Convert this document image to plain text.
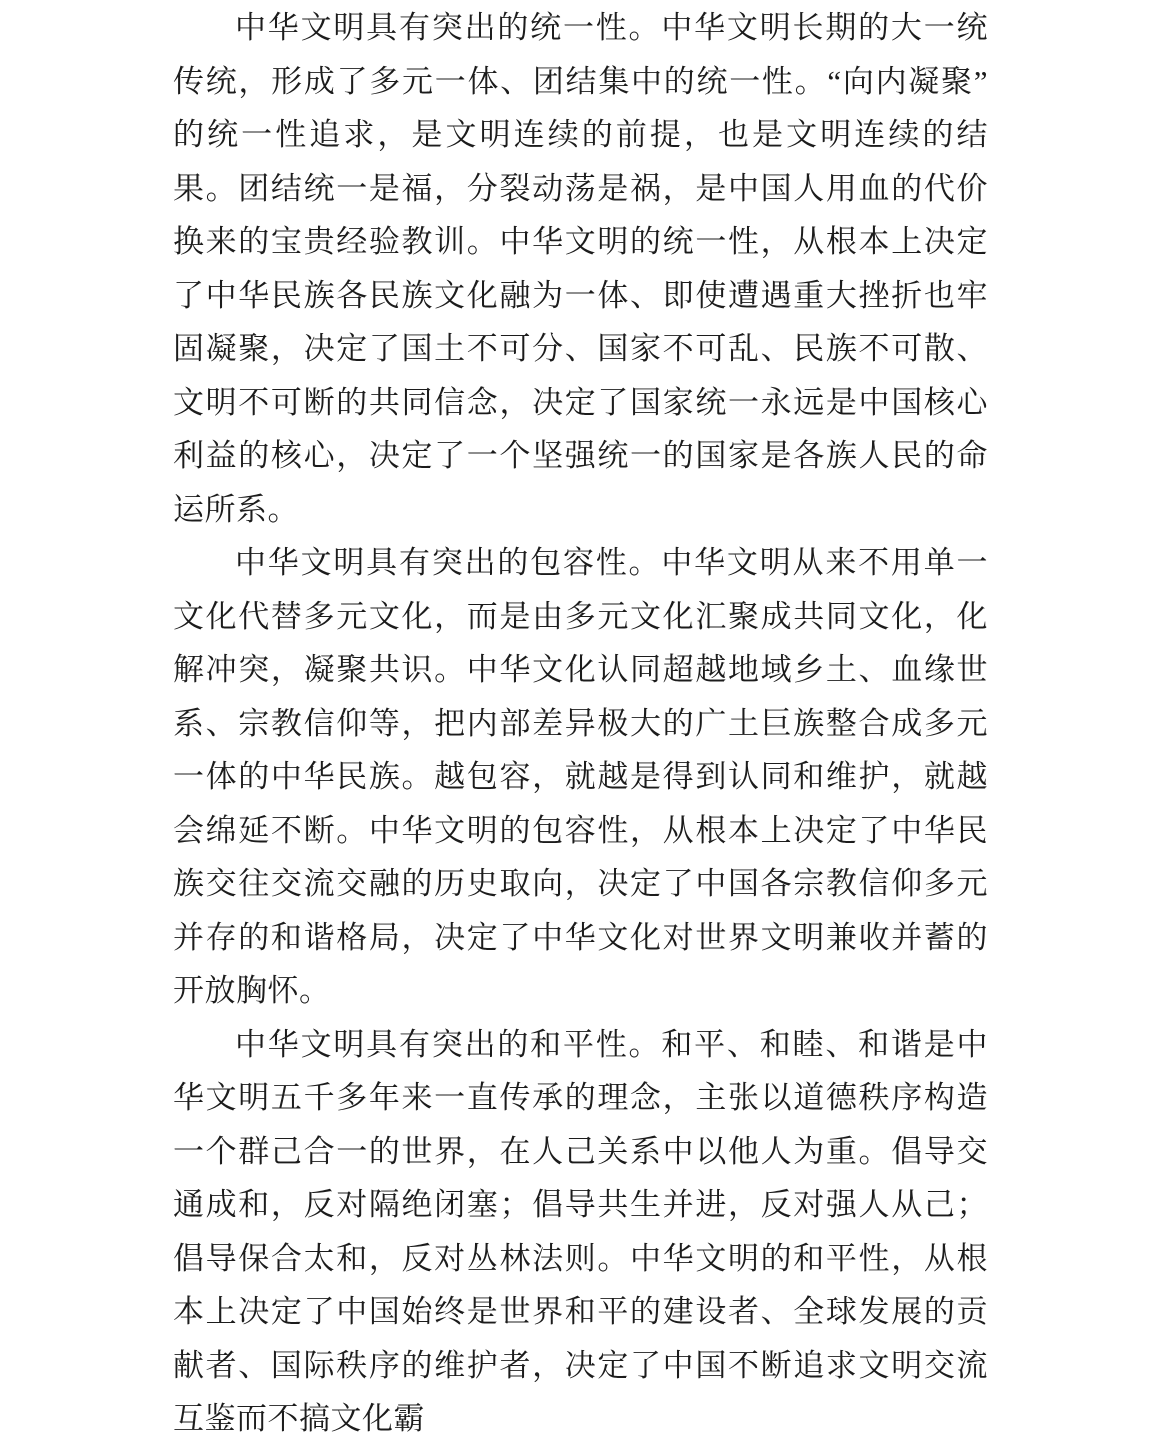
中华文明具有突出的统一性。中华文明长期的大一统传统，形成了多元一体、团结集中的统一性。“向内凝聚”的统一性追求，是文明连续的前提，也是文明连续的结果。团结统一是福，分裂动荡是祸，是中国人用血的代价换来的宝贵经验教训。中华文明的统一性，从根本上决定了中华民族各民族文化融为一体、即使遭遇重大挫折也牢固凝聚，决定了国土不可分、国家不可乱、民族不可散、文明不可断的共同信念，决定了国家统一永远是中国核心利益的核心，决定了一个坚强统一的国家是各族人民的命运所系。

中华文明具有突出的包容性。中华文明从来不用单一文化代替多元文化，而是由多元文化汇聚成共同文化，化解冲突，凝聚共识。中华文化认同超越地域乡土、血缘世系、宗教信仰等，把内部差异极大的广土巨族整合成多元一体的中华民族。越包容，就越是得到认同和维护，就越会绵延不断。中华文明的包容性，从根本上决定了中华民族交往交流交融的历史取向，决定了中国各宗教信仰多元并存的和谐格局，决定了中华文化对世界文明兼收并蓄的开放胸怀。

中华文明具有突出的和平性。和平、和睦、和谐是中华文明五千多年来一直传承的理念，主张以道德秩序构造一个群己合一的世界，在人己关系中以他人为重。倡导交通成和，反对隔绝闭塞；倡导共生并进，反对强人从己；倡导保合太和，反对丛林法则。中华文明的和平性，从根本上决定了中国始终是世界和平的建设者、全球发展的贡献者、国际秩序的维护者，决定了中国不断追求文明交流互鉴而不搞文化霸
